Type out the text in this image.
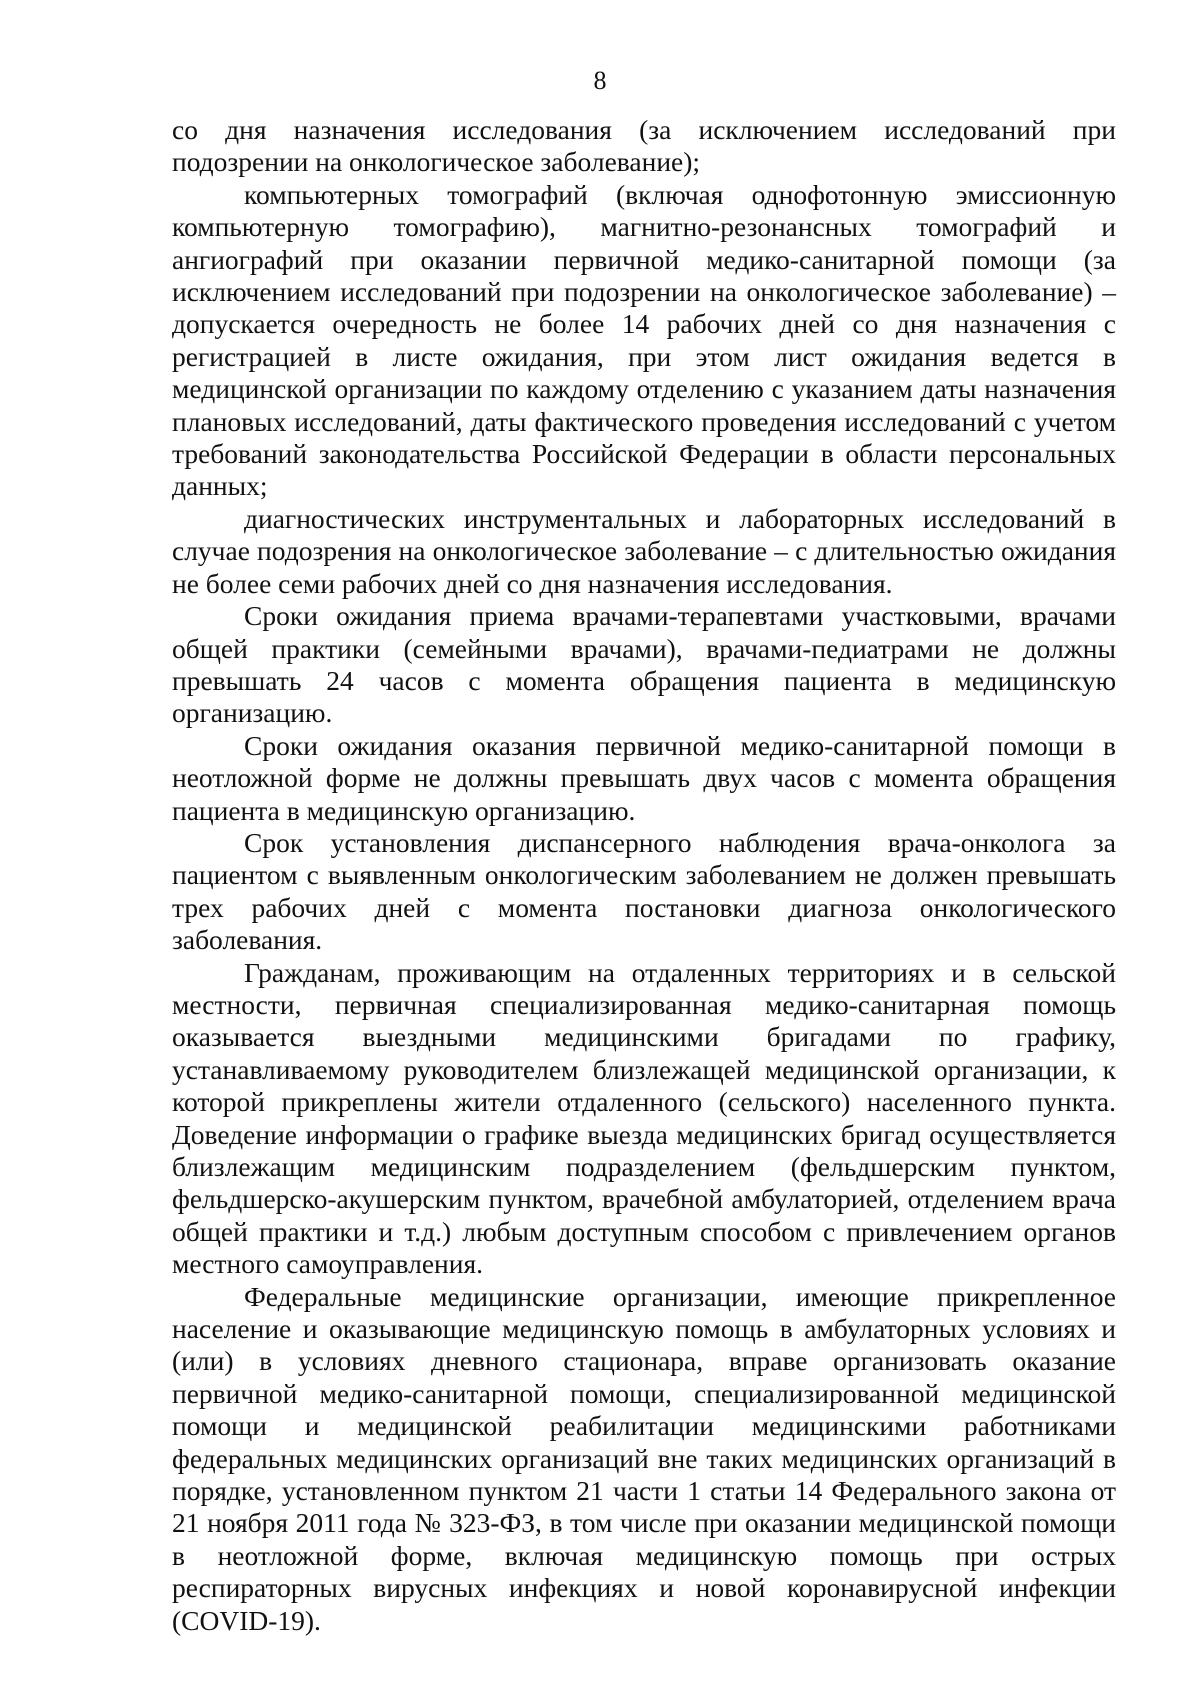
8

со дня назначения исследования (за исключением исследований при подозрении на онкологическое заболевание);

компьютерных томографий (включая однофотонную эмиссионную компьютерную томографию), магнитно-резонансных томографий и ангиографий при оказании первичной медико-санитарной помощи (за исключением исследований при подозрении на онкологическое заболевание) – допускается очередность не более 14 рабочих дней со дня назначения с регистрацией в листе ожидания, при этом лист ожидания ведется в медицинской организации по каждому отделению с указанием даты назначения плановых исследований, даты фактического проведения исследований с учетом требований законодательства Российской Федерации в области персональных данных;

диагностических инструментальных и лабораторных исследований в случае подозрения на онкологическое заболевание – с длительностью ожидания не более семи рабочих дней со дня назначения исследования.

Сроки ожидания приема врачами-терапевтами участковыми, врачами общей практики (семейными врачами), врачами-педиатрами не должны превышать 24 часов с момента обращения пациента в медицинскую организацию.

Сроки ожидания оказания первичной медико-санитарной помощи в неотложной форме не должны превышать двух часов с момента обращения пациента в медицинскую организацию.

Срок установления диспансерного наблюдения врача-онколога за пациентом с выявленным онкологическим заболеванием не должен превышать трех рабочих дней с момента постановки диагноза онкологического заболевания.

Гражданам, проживающим на отдаленных территориях и в сельской местности, первичная специализированная медико-санитарная помощь оказывается выездными медицинскими бригадами по графику, устанавливаемому руководителем близлежащей медицинской организации, к которой прикреплены жители отдаленного (сельского) населенного пункта. Доведение информации о графике выезда медицинских бригад осуществляется близлежащим медицинским подразделением (фельдшерским пунктом, фельдшерско-акушерским пунктом, врачебной амбулаторией, отделением врача общей практики и т.д.) любым доступным способом с привлечением органов местного самоуправления.

Федеральные медицинские организации, имеющие прикрепленное население и оказывающие медицинскую помощь в амбулаторных условиях и (или) в условиях дневного стационара, вправе организовать оказание первичной медико-санитарной помощи, специализированной медицинской помощи и медицинской реабилитации медицинскими работниками федеральных медицинских организаций вне таких медицинских организаций в порядке, установленном пунктом 21 части 1 статьи 14 Федерального закона от 21 ноября 2011 года № 323-ФЗ, в том числе при оказании медицинской помощи в неотложной форме, включая медицинскую помощь при острых респираторных вирусных инфекциях и новой коронавирусной инфекции (COVID-19).
